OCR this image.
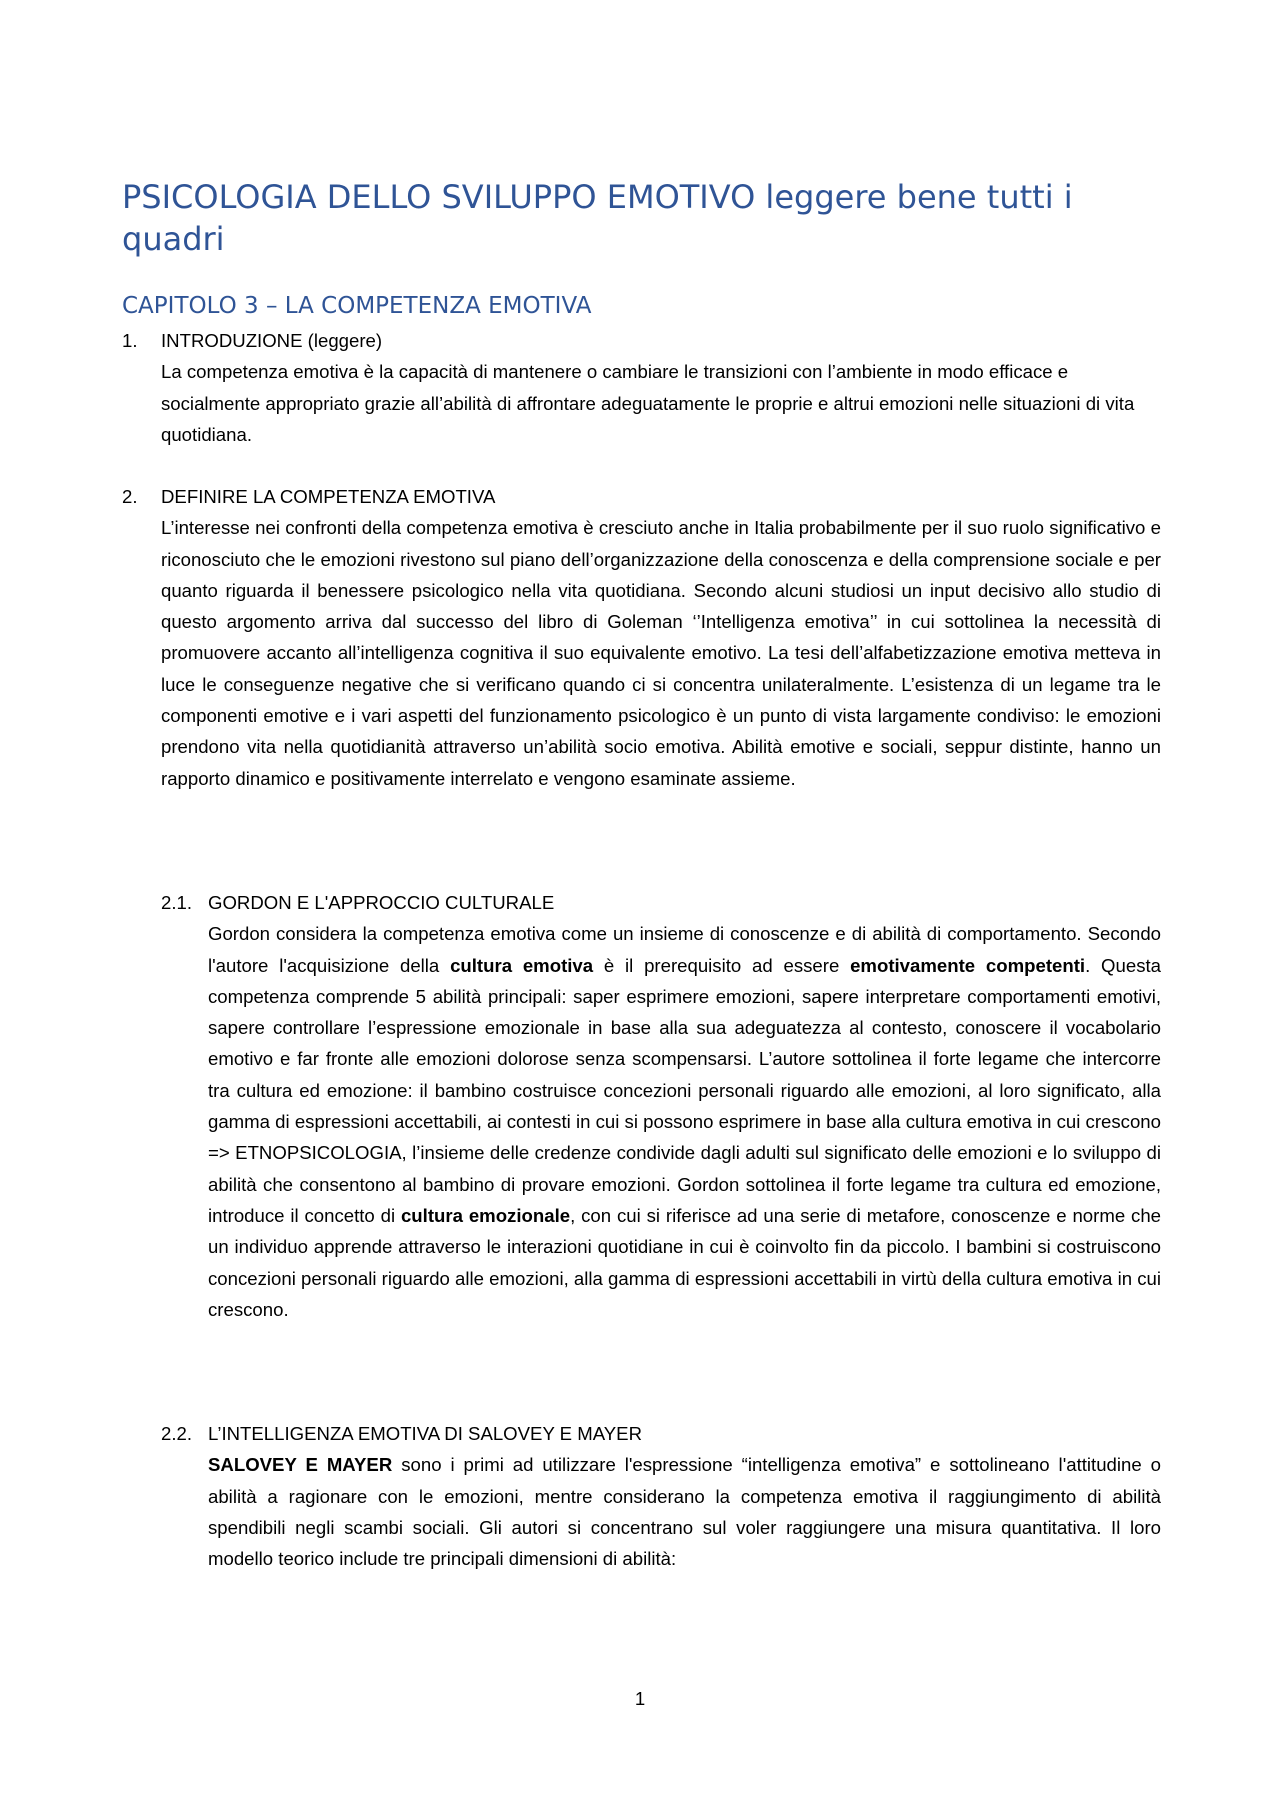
PSICOLOGIA DELLO SVILUPPO EMOTIVO leggere bene tutti i quadri
CAPITOLO 3 – LA COMPETENZA EMOTIVA
1. INTRODUZIONE (leggere)

La competenza emotiva è la capacità di mantenere o cambiare le transizioni con l’ambiente in modo efficace e socialmente appropriato grazie all’abilità di affrontare adeguatamente le proprie e altrui emozioni nelle situazioni di vita quotidiana.

2. DEFINIRE LA COMPETENZA EMOTIVA

L’interesse nei confronti della competenza emotiva è cresciuto anche in Italia probabilmente per il suo ruolo significativo e riconosciuto che le emozioni rivestono sul piano dell’organizzazione della conoscenza e della comprensione sociale e per quanto riguarda il benessere psicologico nella vita quotidiana. Secondo alcuni studiosi un input decisivo allo studio di questo argomento arriva dal successo del libro di Goleman ‘’Intelligenza emotiva’’ in cui sottolinea la necessità di promuovere accanto all’intelligenza cognitiva il suo equivalente emotivo. La tesi dell’alfabetizzazione emotiva metteva in luce le conseguenze negative che si verificano quando ci si concentra unilateralmente. L’esistenza di un legame tra le componenti emotive e i vari aspetti del funzionamento psicologico è un punto di vista largamente condiviso: le emozioni prendono vita nella quotidianità attraverso un’abilità socio emotiva. Abilità emotive e sociali, seppur distinte, hanno un rapporto dinamico e positivamente interrelato e vengono esaminate assieme.

2.1. GORDON E L'APPROCCIO CULTURALE

Gordon considera la competenza emotiva come un insieme di conoscenze e di abilità di comportamento. Secondo l'autore l'acquisizione della cultura emotiva è il prerequisito ad essere emotivamente competenti. Questa competenza comprende 5 abilità principali: saper esprimere emozioni, sapere interpretare comportamenti emotivi, sapere controllare l’espressione emozionale in base alla sua adeguatezza al contesto, conoscere il vocabolario emotivo e far fronte alle emozioni dolorose senza scompensarsi. L’autore sottolinea il forte legame che intercorre tra cultura ed emozione: il bambino costruisce concezioni personali riguardo alle emozioni, al loro significato, alla gamma di espressioni accettabili, ai contesti in cui si possono esprimere in base alla cultura emotiva in cui crescono => ETNOPSICOLOGIA, l’insieme delle credenze condivide dagli adulti sul significato delle emozioni e lo sviluppo di abilità che consentono al bambino di provare emozioni. Gordon sottolinea il forte legame tra cultura ed emozione, introduce il concetto di cultura emozionale, con cui si riferisce ad una serie di metafore, conoscenze e norme che un individuo apprende attraverso le interazioni quotidiane in cui è coinvolto fin da piccolo. I bambini si costruiscono concezioni personali riguardo alle emozioni, alla gamma di espressioni accettabili in virtù della cultura emotiva in cui crescono.

2.2. L’INTELLIGENZA EMOTIVA DI SALOVEY E MAYER

SALOVEY E MAYER sono i primi ad utilizzare l'espressione “intelligenza emotiva” e sottolineano l'attitudine o abilità a ragionare con le emozioni, mentre considerano la competenza emotiva il raggiungimento di abilità spendibili negli scambi sociali. Gli autori si concentrano sul voler raggiungere una misura quantitativa. Il loro modello teorico include tre principali dimensioni di abilità:

1
